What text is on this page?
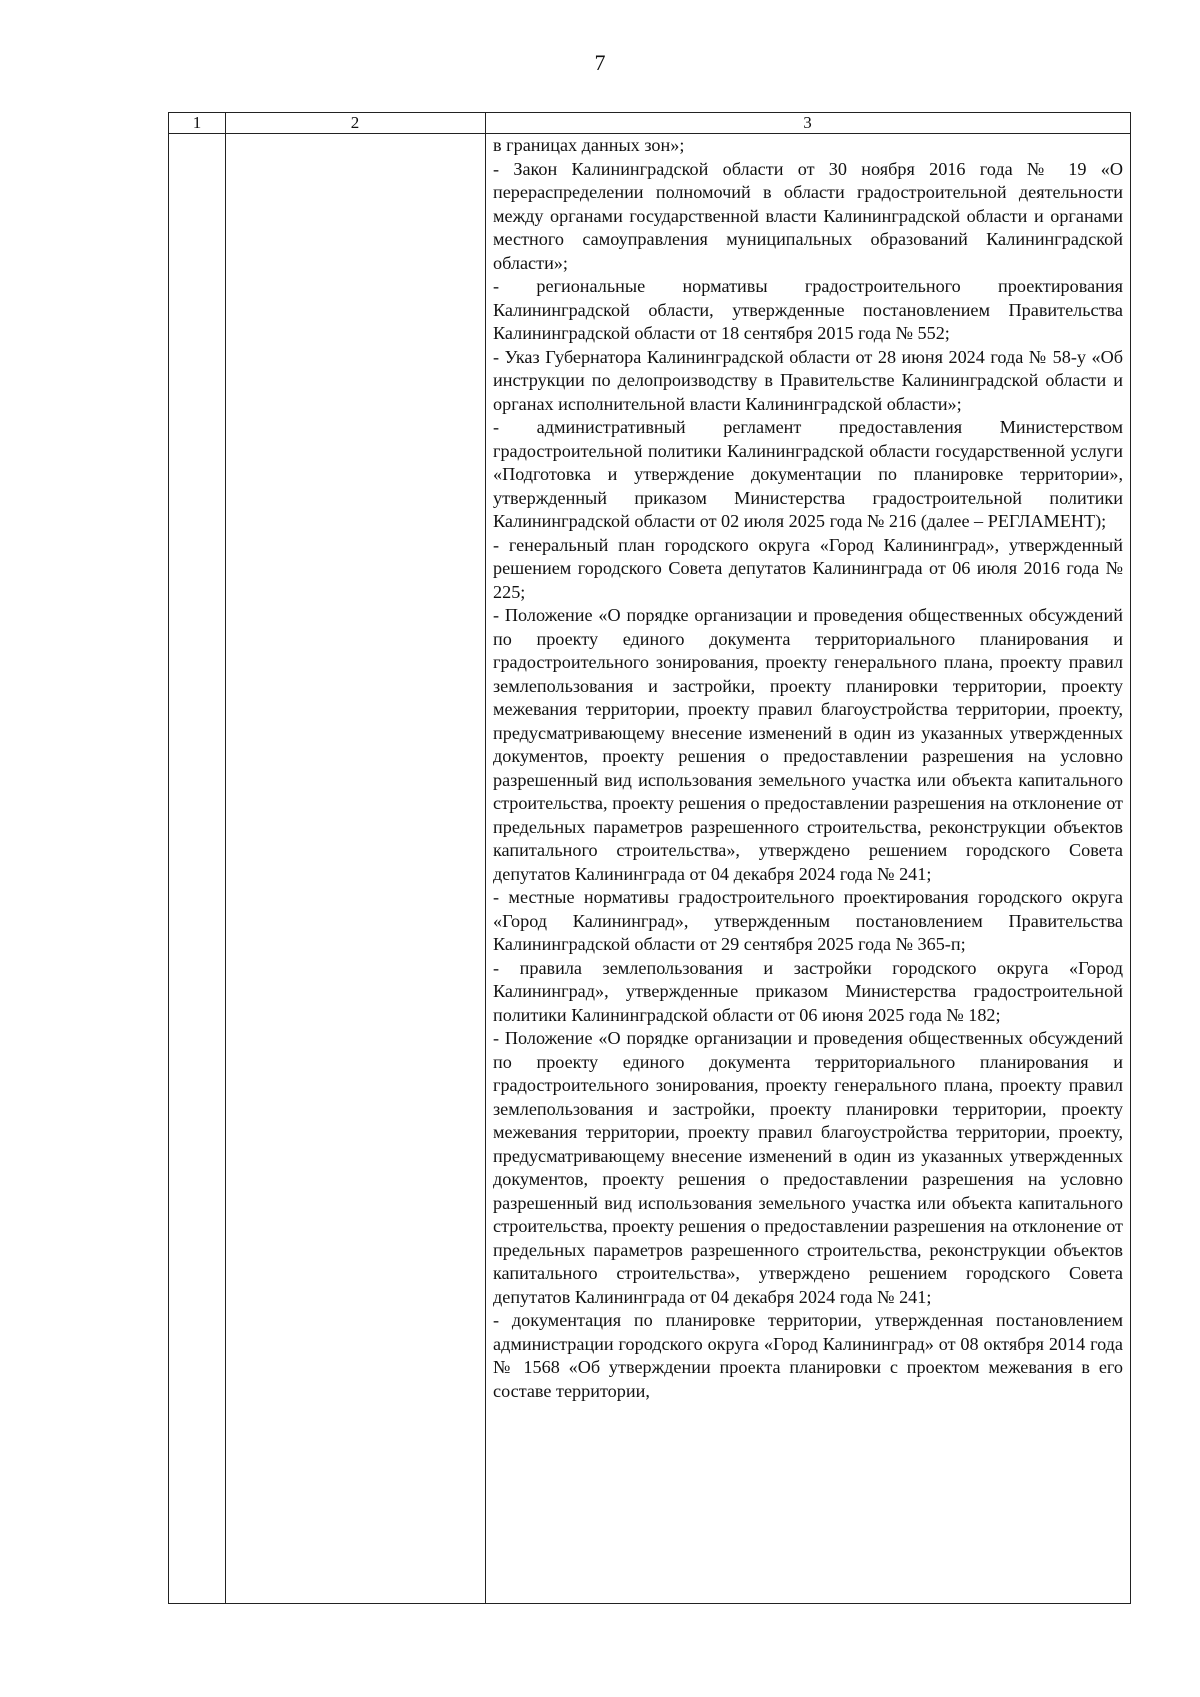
7
1	2	3

в границах данных зон»;

- Закон Калининградской области от 30 ноября 2016 года № 19 «О перераспределении полномочий в области градостроительной деятельности между органами государственной власти Калининградской области и органами местного самоуправления муниципальных образований Калининградской области»;

- региональные нормативы градостроительного проектирования Калининградской области, утвержденные постановлением Правительства Калининградской области от 18 сентября 2015 года № 552;

- Указ Губернатора Калининградской области от 28 июня 2024 года № 58-у «Об инструкции по делопроизводству в Правительстве Калининградской области и органах исполнительной власти Калининградской области»;

- административный регламент предоставления Министерством градостроительной политики Калининградской области государственной услуги «Подготовка и утверждение документации по планировке территории», утвержденный приказом Министерства градостроительной политики Калининградской области от 02 июля 2025 года № 216 (далее – РЕГЛАМЕНТ);

- генеральный план городского округа «Город Калининград», утвержденный решением городского Совета депутатов Калининграда от 06 июля 2016 года № 225;

- Положение «О порядке организации и проведения общественных обсуждений по проекту единого документа территориального планирования и градостроительного зонирования, проекту генерального плана, проекту правил землепользования и застройки, проекту планировки территории, проекту межевания территории, проекту правил благоустройства территории, проекту, предусматривающему внесение изменений в один из указанных утвержденных документов, проекту решения о предоставлении разрешения на условно разрешенный вид использования земельного участка или объекта капитального строительства, проекту решения о предоставлении разрешения на отклонение от предельных параметров разрешенного строительства, реконструкции объектов капитального строительства», утверждено решением городского Совета депутатов Калининграда от 04 декабря 2024 года № 241;

- местные нормативы градостроительного проектирования городского округа «Город Калининград», утвержденным постановлением Правительства Калининградской области от 29 сентября 2025 года № 365-п;

- правила землепользования и застройки городского округа «Город Калининград», утвержденные приказом Министерства градостроительной политики Калининградской области от 06 июня 2025 года № 182;

- Положение «О порядке организации и проведения общественных обсуждений по проекту единого документа территориального планирования и градостроительного зонирования, проекту генерального плана, проекту правил землепользования и застройки, проекту планировки территории, проекту межевания территории, проекту правил благоустройства территории, проекту, предусматривающему внесение изменений в один из указанных утвержденных документов, проекту решения о предоставлении разрешения на условно разрешенный вид использования земельного участка или объекта капитального строительства, проекту решения о предоставлении разрешения на отклонение от предельных параметров разрешенного строительства, реконструкции объектов капитального строительства», утверждено решением городского Совета депутатов Калининграда от 04 декабря 2024 года № 241;

- документация по планировке территории, утвержденная постановлением администрации городского округа «Город Калининград» от 08 октября 2014 года № 1568 «Об утверждении проекта планировки с проектом межевания в его составе территории,
